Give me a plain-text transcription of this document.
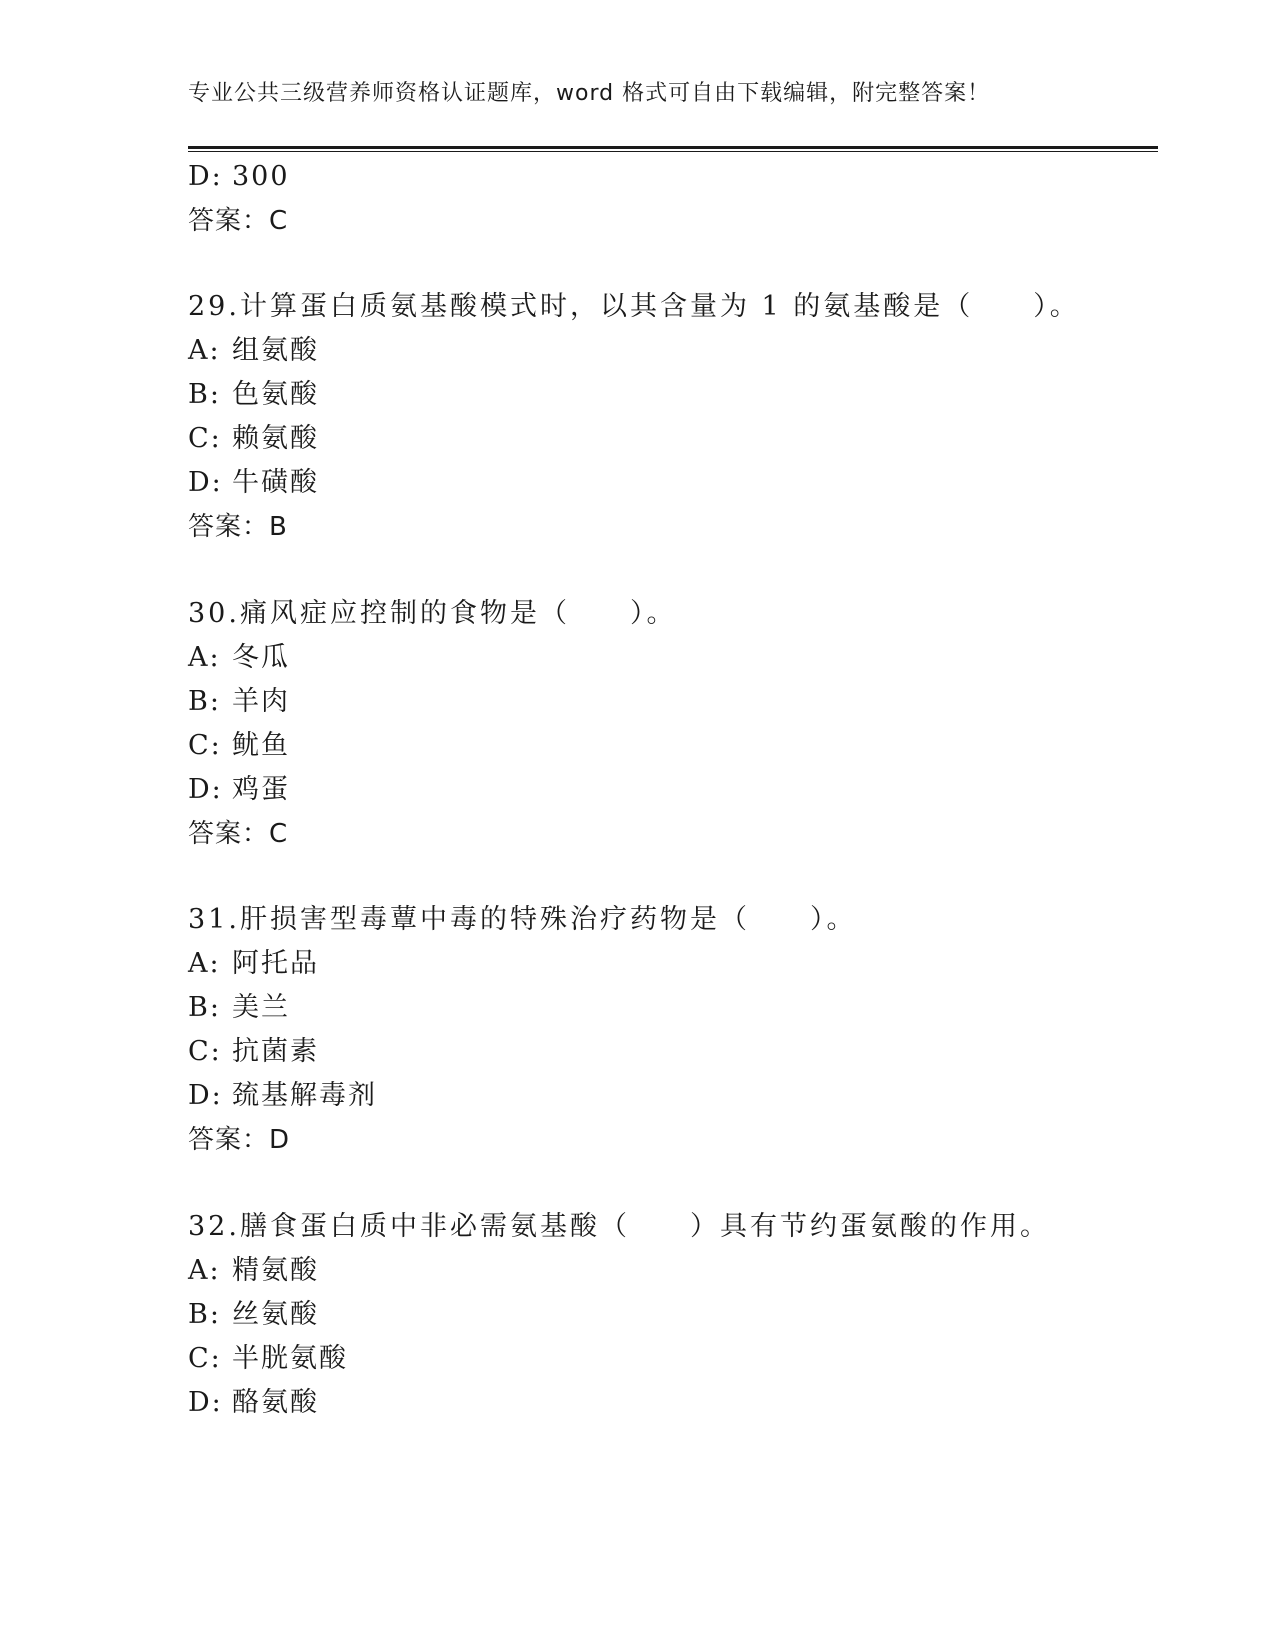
专业公共三级营养师资格认证题库，word 格式可自由下载编辑，附完整答案！
D: 300
答案：C
29.计算蛋白质氨基酸模式时，以其含量为 1 的氨基酸是（　　）。
A: 组氨酸
B: 色氨酸
C: 赖氨酸
D: 牛磺酸
答案：B
30.痛风症应控制的食物是（　　）。
A: 冬瓜
B: 羊肉
C: 鱿鱼
D: 鸡蛋
答案：C
31.肝损害型毒蕈中毒的特殊治疗药物是（　　）。
A: 阿托品
B: 美兰
C: 抗菌素
D: 巯基解毒剂
答案：D
32.膳食蛋白质中非必需氨基酸（　　）具有节约蛋氨酸的作用。
A: 精氨酸
B: 丝氨酸
C: 半胱氨酸
D: 酪氨酸
